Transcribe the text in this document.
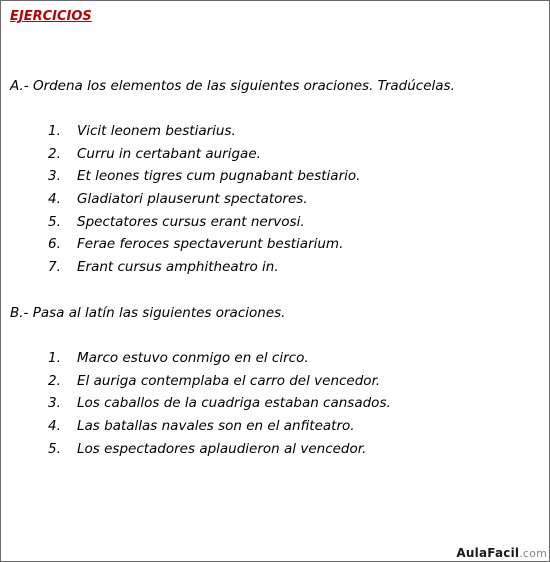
EJERCICIOS
A.- Ordena los elementos de las siguientes oraciones. Tradúcelas.
1. Vicit leonem bestiarius.
2. Curru in certabant aurigae.
3. Et leones tigres cum pugnabant bestiario.
4. Gladiatori plauserunt spectatores.
5. Spectatores cursus erant nervosi.
6. Ferae feroces spectaverunt bestiarium.
7. Erant cursus amphitheatro in.
B.- Pasa al latín las siguientes oraciones.
1. Marco estuvo conmigo en el circo.
2. El auriga contemplaba el carro del vencedor.
3. Los caballos de la cuadriga estaban cansados.
4. Las batallas navales son en el anfiteatro.
5. Los espectadores aplaudieron al vencedor.
AulaFacil.com
